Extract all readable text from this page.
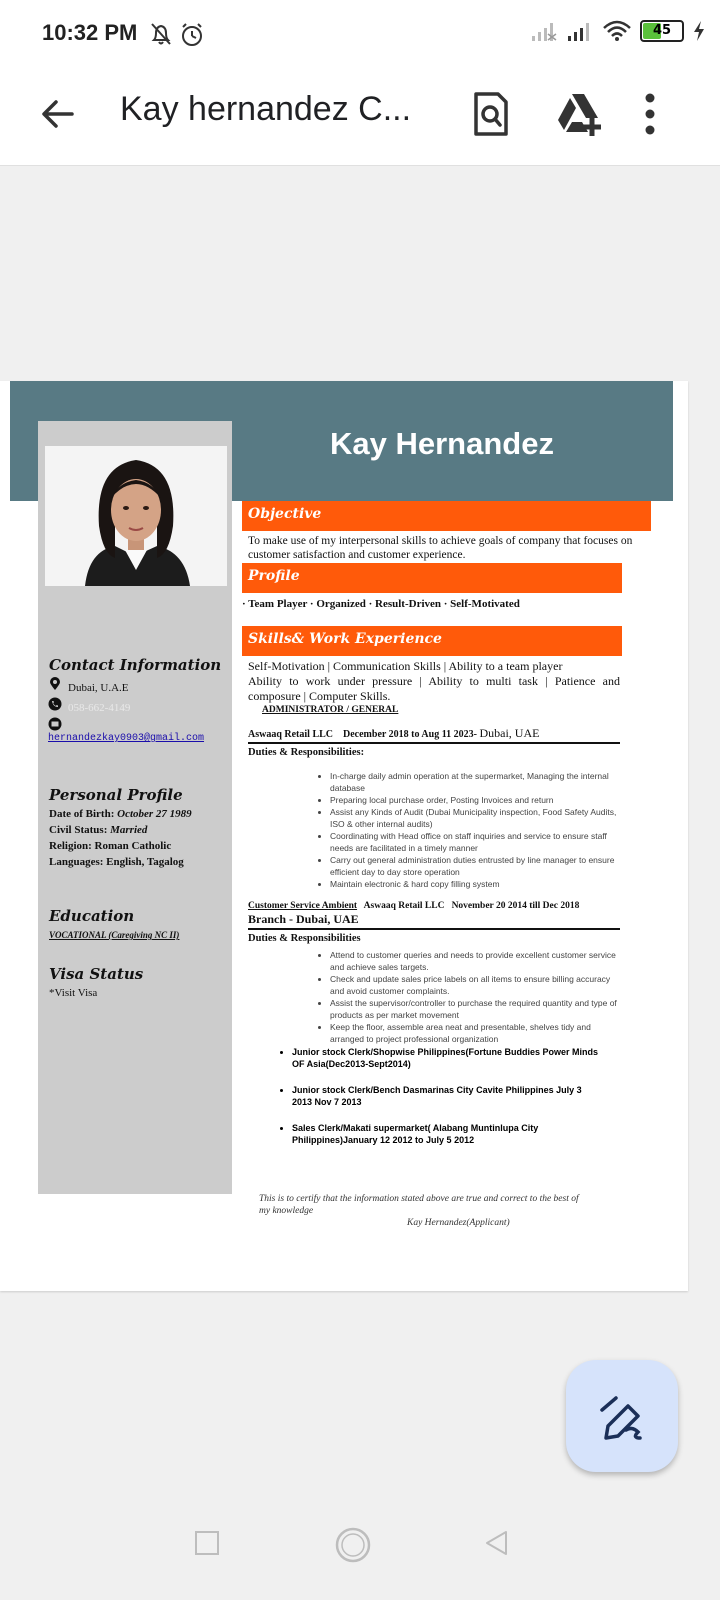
10:32 PM	45
Kay hernandez C...
Kay Hernandez
Contact Information
Dubai, U.A.E
058-662-4149
hernandezkay0903@gmail.com
Personal Profile
Date of Birth: October 27 1989
Civil Status: Married
Religion: Roman Catholic
Languages: English, Tagalog
Education
VOCATIONAL (Caregiving NC II)
Visa Status
*Visit Visa
Objective
To make use of my interpersonal skills to achieve goals of company that focuses on customer satisfaction and customer experience.
Profile
· Team Player · Organized · Result-Driven · Self-Motivated
Skills& Work Experience
Self-Motivation | Communication Skills | Ability to a team player
Ability to work under pressure | Ability to multi task | Patience and composure | Computer Skills.
ADMINISTRATOR / GENERAL
Aswaaq Retail LLC December 2018 to Aug 11 2023- Dubai, UAE
Duties & Responsibilities:
• In-charge daily admin operation at the supermarket, Managing the internal database
• Preparing local purchase order, Posting Invoices and return
• Assist any Kinds of Audit (Dubai Municipality inspection, Food Safety Audits, ISO & other internal audits)
• Coordinating with Head office on staff inquiries and service to ensure staff needs are facilitated in a timely manner
• Carry out general administration duties entrusted by line manager to ensure efficient day to day store operation
• Maintain electronic & hard copy filling system
Customer Service Ambient Aswaaq Retail LLC November 20 2014 till Dec 2018
Branch - Dubai, UAE
Duties & Responsibilities
• Attend to customer queries and needs to provide excellent customer service and achieve sales targets.
• Check and update sales price labels on all items to ensure billing accuracy and avoid customer complaints.
• Assist the supervisor/controller to purchase the required quantity and type of products as per market movement
• Keep the floor, assemble area neat and presentable, shelves tidy and arranged to project professional organization
• Junior stock Clerk/Shopwise Philippines(Fortune Buddies Power Minds OF Asia(Dec2013-Sept2014)
• Junior stock Clerk/Bench Dasmarinas City Cavite Philippines July 3 2013 Nov 7 2013
• Sales Clerk/Makati supermarket( Alabang Muntinlupa City Philippines)January 12 2012 to July 5 2012
This is to certify that the information stated above are true and correct to the best of my knowledge
Kay Hernandez(Applicant)
